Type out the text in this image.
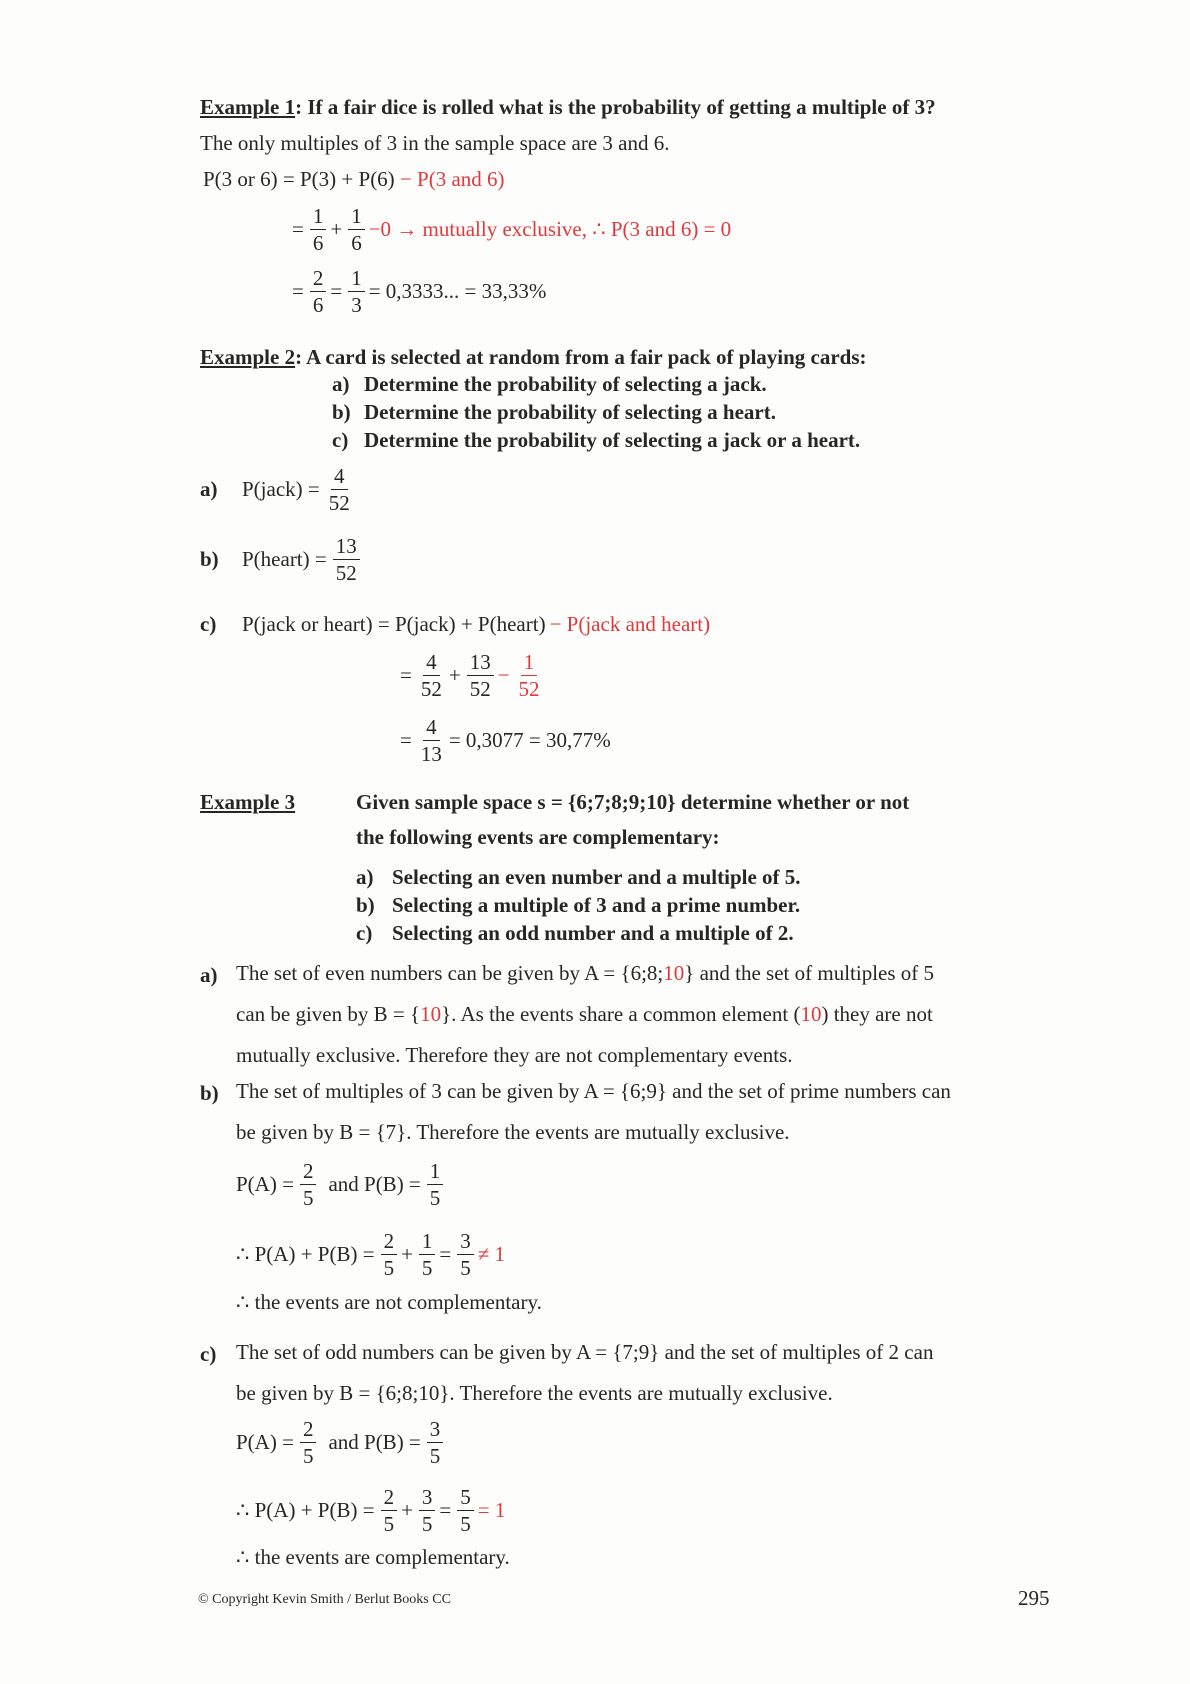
Example 1: If a fair dice is rolled what is the probability of getting a multiple of 3?
The only multiples of 3 in the sample space are 3 and 6.
P(3 or 6) = P(3) + P(6) − P(3 and 6)
= $\frac{1}{6} + \frac{1}{6} -0$ → mutually exclusive, ∴ P(3 and 6) = 0
= $\frac{2}{6} = \frac{1}{3} = 0,3333$... = 33,33%
Example 2: A card is selected at random from a fair pack of playing cards:
a) Determine the probability of selecting a jack.
b) Determine the probability of selecting a heart.
c) Determine the probability of selecting a jack or a heart.
a)	P(jack) = $\frac{4}{52}$
b)	P(heart) = $\frac{13}{52}$
c)	P(jack or heart) = P(jack) + P(heart) − P(jack and heart)
= $\frac{4}{52} + \frac{13}{52} - \frac{1}{52}$
= $\frac{4}{13} = 0,3077 = 30,77\%$
Example 3	Given sample space s = {6;7;8;9;10} determine whether or not
the following events are complementary:
a) Selecting an even number and a multiple of 5.
b) Selecting a multiple of 3 and a prime number.
c) Selecting an odd number and a multiple of 2.
a) The set of even numbers can be given by A = {6;8;10} and the set of multiples of 5
can be given by B = {10}. As the events share a common element (10) they are not
mutually exclusive. Therefore they are not complementary events.
b) The set of multiples of 3 can be given by A = {6;9} and the set of prime numbers can
be given by B = {7}. Therefore the events are mutually exclusive.
$P(A) = \frac{2}{5}$ and $P(B) = \frac{1}{5}$
∴ $P(A) + P(B) = \frac{2}{5} + \frac{1}{5} = \frac{3}{5} \ne 1$
∴ the events are not complementary.
c) The set of odd numbers can be given by A = {7;9} and the set of multiples of 2 can
be given by B = {6;8;10}. Therefore the events are mutually exclusive.
$P(A) = \frac{2}{5}$ and $P(B) = \frac{3}{5}$
∴ $P(A) + P(B) = \frac{2}{5} + \frac{3}{5} = \frac{5}{5} = 1$
∴ the events are complementary.
© Copyright Kevin Smith / Berlut Books CC	295
